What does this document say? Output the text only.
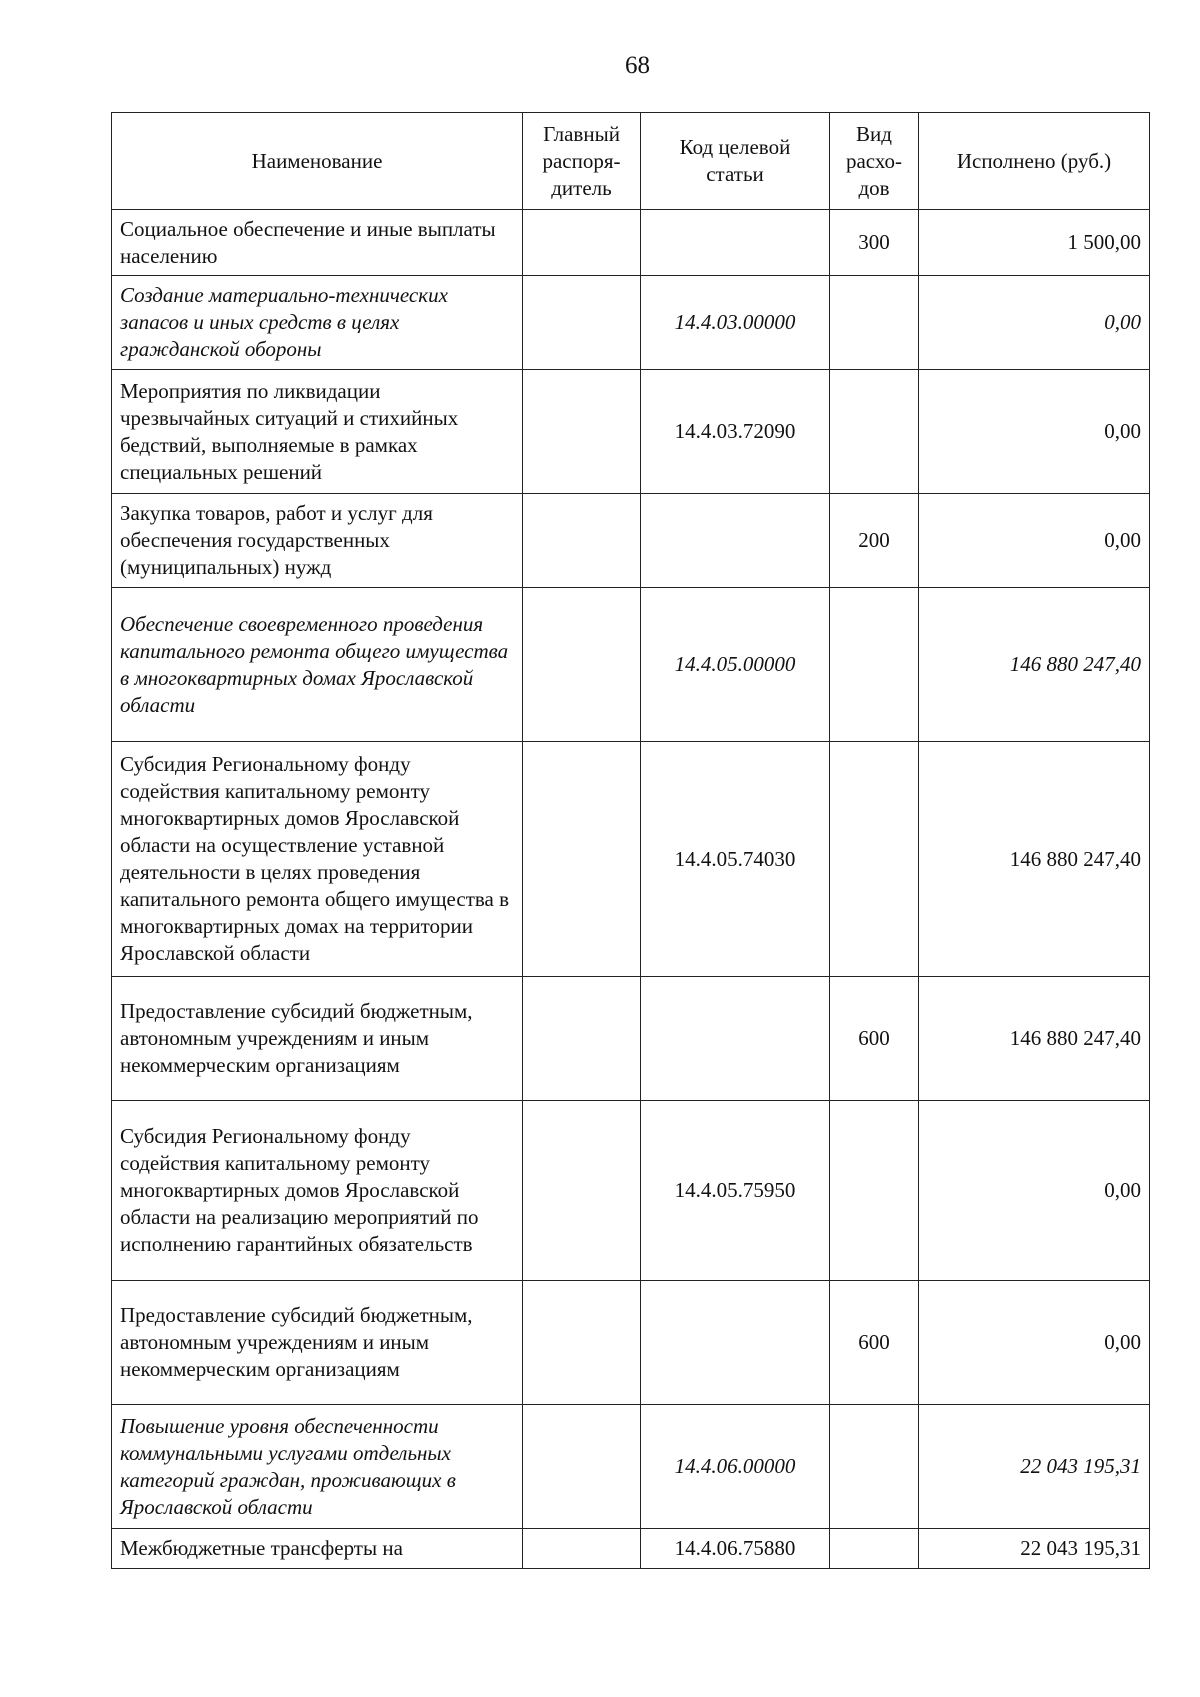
68
Наименование	Главный распоря-дитель	Код целевой статьи	Вид расхо-дов	Исполнено (руб.)
Социальное обеспечение и иные выплаты населению			300	1 500,00
Создание материально-технических запасов и иных средств в целях гражданской обороны		14.4.03.00000		0,00
Мероприятия по ликвидации чрезвычайных ситуаций и стихийных бедствий, выполняемые в рамках специальных решений		14.4.03.72090		0,00
Закупка товаров, работ и услуг для обеспечения государственных (муниципальных) нужд			200	0,00
Обеспечение своевременного проведения капитального ремонта общего имущества в многоквартирных домах Ярославской области		14.4.05.00000		146 880 247,40
Субсидия Региональному фонду содействия капитальному ремонту многоквартирных домов Ярославской области на осуществление уставной деятельности в целях проведения капитального ремонта общего имущества в многоквартирных домах на территории Ярославской области		14.4.05.74030		146 880 247,40
Предоставление субсидий бюджетным, автономным учреждениям и иным некоммерческим организациям			600	146 880 247,40
Субсидия Региональному фонду содействия капитальному ремонту многоквартирных домов Ярославской области на реализацию мероприятий по исполнению гарантийных обязательств		14.4.05.75950		0,00
Предоставление субсидий бюджетным, автономным учреждениям и иным некоммерческим организациям			600	0,00
Повышение уровня обеспеченности коммунальными услугами отдельных категорий граждан, проживающих в Ярославской области		14.4.06.00000		22 043 195,31
Межбюджетные трансферты на		14.4.06.75880		22 043 195,31
